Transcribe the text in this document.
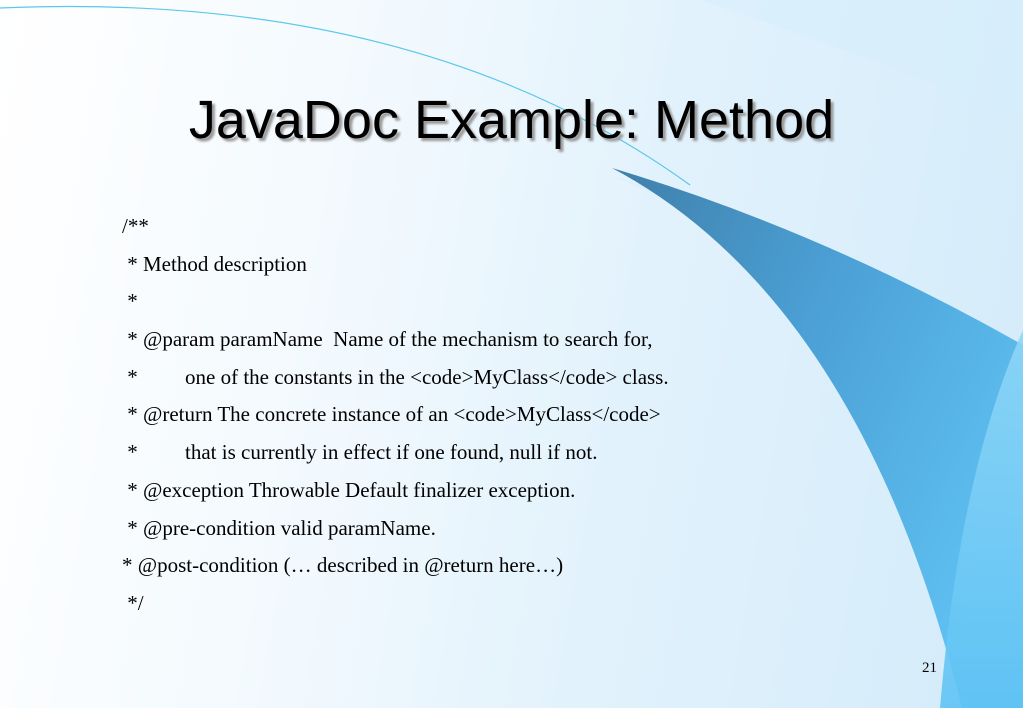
JavaDoc Example: Method
/**
* Method description
*
* @param paramName  Name of the mechanism to search for,
*         one of the constants in the <code>MyClass</code> class.
* @return The concrete instance of an <code>MyClass</code>
*         that is currently in effect if one found, null if not.
* @exception Throwable Default finalizer exception.
* @pre-condition valid paramName.
* @post-condition (… described in @return here…)
*/
21
